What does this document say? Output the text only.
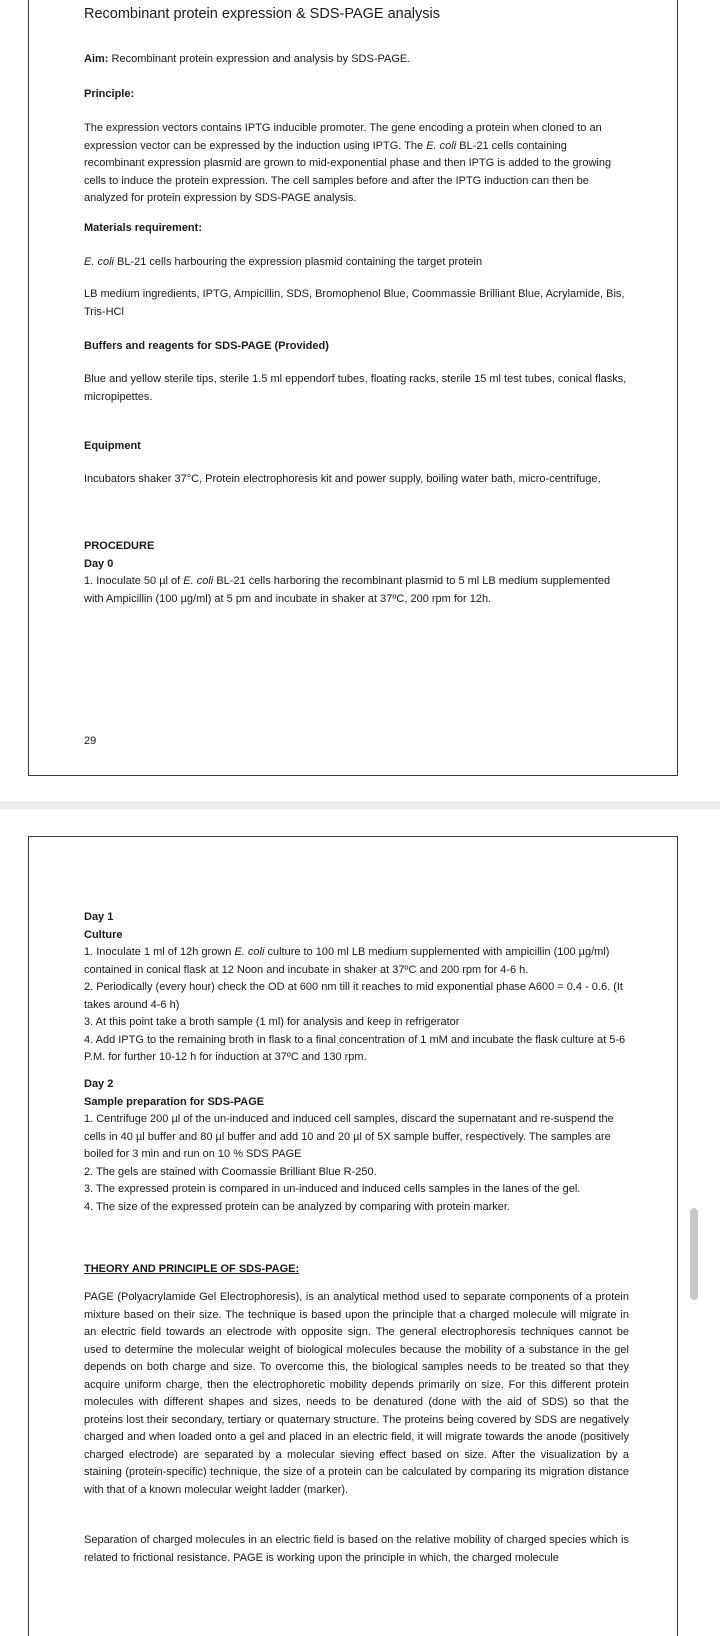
Recombinant protein expression & SDS-PAGE analysis

Aim: Recombinant protein expression and analysis by SDS-PAGE.

Principle:

The expression vectors contains IPTG inducible promoter. The gene encoding a protein when cloned to an expression vector can be expressed by the induction using IPTG. The E. coli BL-21 cells containing recombinant expression plasmid are grown to mid-exponential phase and then IPTG is added to the growing cells to induce the protein expression. The cell samples before and after the IPTG induction can then be analyzed for protein expression by SDS-PAGE analysis.

Materials requirement:

E. coli BL-21 cells harbouring the expression plasmid containing the target protein

LB medium ingredients, IPTG, Ampicillin, SDS, Bromophenol Blue, Coommassie Brilliant Blue, Acrylamide, Bis, Tris-HCl

Buffers and reagents for SDS-PAGE (Provided)

Blue and yellow sterile tips, sterile 1.5 ml eppendorf tubes, floating racks, sterile 15 ml test tubes, conical flasks, micropipettes.

Equipment

Incubators shaker 37°C, Protein electrophoresis kit and power supply, boiling water bath, micro-centrifuge,

PROCEDURE

Day 0

1. Inoculate 50 µl of E. coli BL-21 cells harboring the recombinant plasmid to 5 ml LB medium supplemented with Ampicillin (100 µg/ml) at 5 pm and incubate in shaker at 37ºC, 200 rpm for 12h.

29

Day 1

Culture

1. Inoculate 1 ml of 12h grown E. coli culture to 100 ml LB medium supplemented with ampicillin (100 µg/ml) contained in conical flask at 12 Noon and incubate in shaker at 37ºC and 200 rpm for 4-6 h.

2. Periodically (every hour) check the OD at 600 nm till it reaches to mid exponential phase A600 = 0.4 - 0.6. (It takes around 4-6 h)

3. At this point take a broth sample (1 ml) for analysis and keep in refrigerator

4. Add IPTG to the remaining broth in flask to a final concentration of 1 mM and incubate the flask culture at 5-6 P.M. for further 10-12 h for induction at 37ºC and 130 rpm.

Day 2

Sample preparation for SDS-PAGE

1. Centrifuge 200 µl of the un-induced and induced cell samples, discard the supernatant and re-suspend the cells in 40 µl buffer and 80 µl buffer and add 10 and 20 µl of 5X sample buffer, respectively. The samples are boiled for 3 min and run on 10 % SDS PAGE

2. The gels are stained with Coomassie Brilliant Blue R-250.

3. The expressed protein is compared in un-induced and induced cells samples in the lanes of the gel.

4. The size of the expressed protein can be analyzed by comparing with protein marker.

THEORY AND PRINCIPLE OF SDS-PAGE:

PAGE (Polyacrylamide Gel Electrophoresis), is an analytical method used to separate components of a protein mixture based on their size. The technique is based upon the principle that a charged molecule will migrate in an electric field towards an electrode with opposite sign. The general electrophoresis techniques cannot be used to determine the molecular weight of biological molecules because the mobility of a substance in the gel depends on both charge and size. To overcome this, the biological samples needs to be treated so that they acquire uniform charge, then the electrophoretic mobility depends primarily on size. For this different protein molecules with different shapes and sizes, needs to be denatured (done with the aid of SDS) so that the proteins lost their secondary, tertiary or quaternary structure. The proteins being covered by SDS are negatively charged and when loaded onto a gel and placed in an electric field, it will migrate towards the anode (positively charged electrode) are separated by a molecular sieving effect based on size. After the visualization by a staining (protein-specific) technique, the size of a protein can be calculated by comparing its migration distance with that of a known molecular weight ladder (marker).

Separation of charged molecules in an electric field is based on the relative mobility of charged species which is related to frictional resistance. PAGE is working upon the principle in which, the charged molecule
